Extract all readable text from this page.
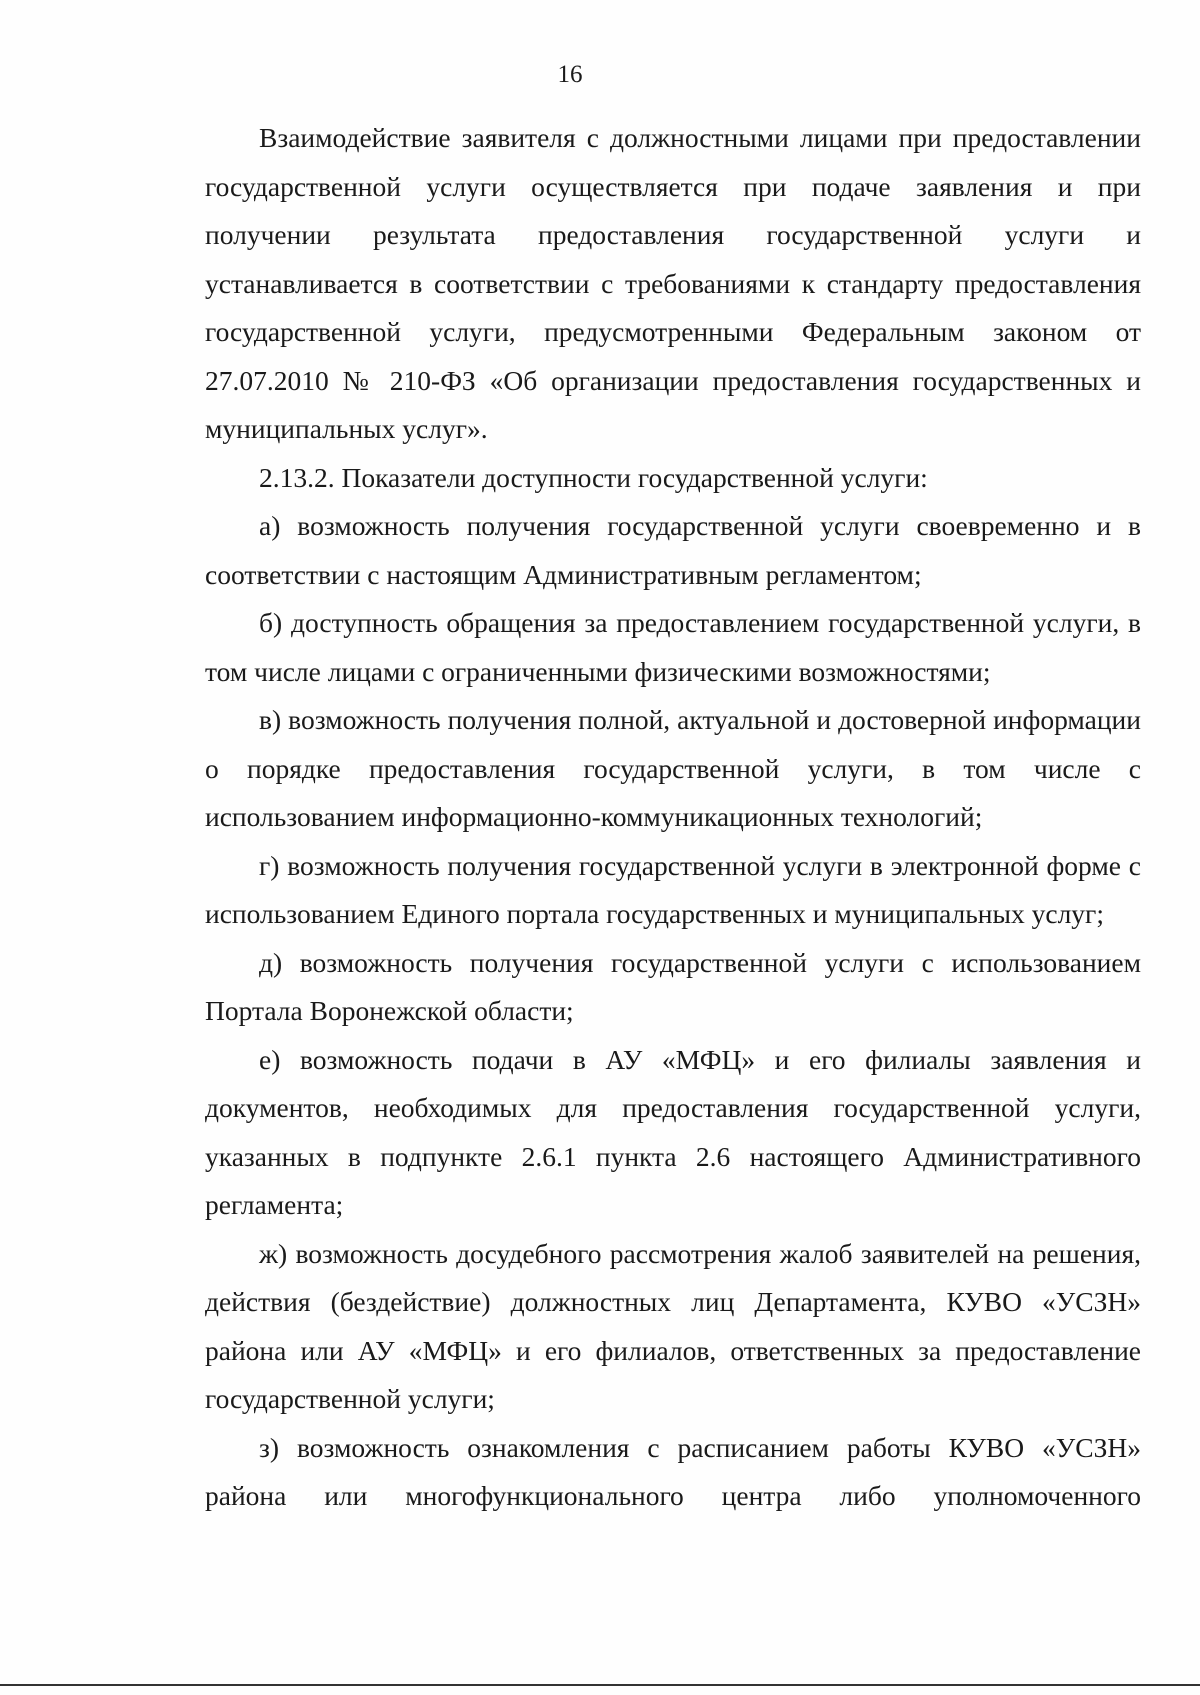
16

Взаимодействие заявителя с должностными лицами при предоставлении государственной услуги осуществляется при подаче заявления и при получении результата предоставления государственной услуги и устанавливается в соответствии с требованиями к стандарту предоставления государственной услуги, предусмотренными Федеральным законом от 27.07.2010 № 210-ФЗ «Об организации предоставления государственных и муниципальных услуг».

2.13.2. Показатели доступности государственной услуги:

а) возможность получения государственной услуги своевременно и в соответствии с настоящим Административным регламентом;

б) доступность обращения за предоставлением государственной услуги, в том числе лицами с ограниченными физическими возможностями;

в) возможность получения полной, актуальной и достоверной информации о порядке предоставления государственной услуги, в том числе с использованием информационно-коммуникационных технологий;

г) возможность получения государственной услуги в электронной форме с использованием Единого портала государственных и муниципальных услуг;

д) возможность получения государственной услуги с использованием Портала Воронежской области;

е) возможность подачи в АУ «МФЦ» и его филиалы заявления и документов, необходимых для предоставления государственной услуги, указанных в подпункте 2.6.1 пункта 2.6 настоящего Административного регламента;

ж) возможность досудебного рассмотрения жалоб заявителей на решения, действия (бездействие) должностных лиц Департамента, КУВО «УСЗН» района или АУ «МФЦ» и его филиалов, ответственных за предоставление государственной услуги;

з) возможность ознакомления с расписанием работы КУВО «УСЗН» района или многофункционального центра либо уполномоченного
